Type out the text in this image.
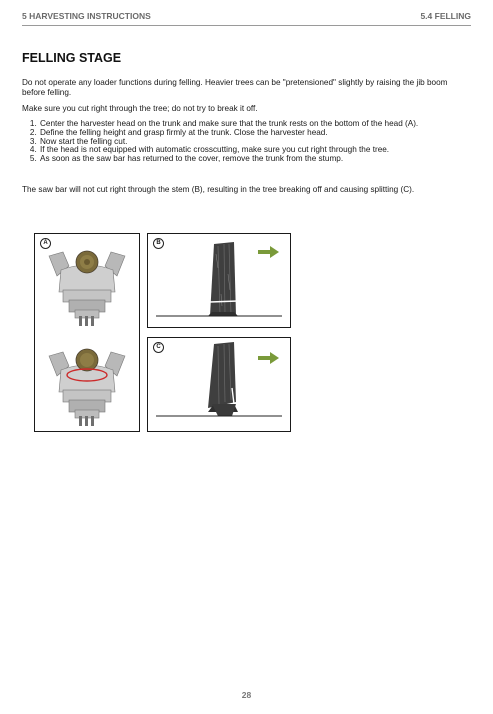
5 HARVESTING INSTRUCTIONS	5.4 FELLING
FELLING STAGE

Do not operate any loader functions during felling. Heavier trees can be "pretensioned" slightly by raising the jib boom before felling.

Make sure you cut right through the tree; do not try to break it off.

1. Center the harvester head on the trunk and make sure that the trunk rests on the bottom of the head (A).
2. Define the felling height and grasp firmly at the trunk. Close the harvester head.
3. Now start the felling cut.
4. If the head is not equipped with automatic crosscutting, make sure you cut right through the tree.
5. As soon as the saw bar has returned to the cover, remove the trunk from the stump.

The saw bar will not cut right through the stem (B), resulting in the tree breaking off and causing splitting (C).

A	B
C
28
